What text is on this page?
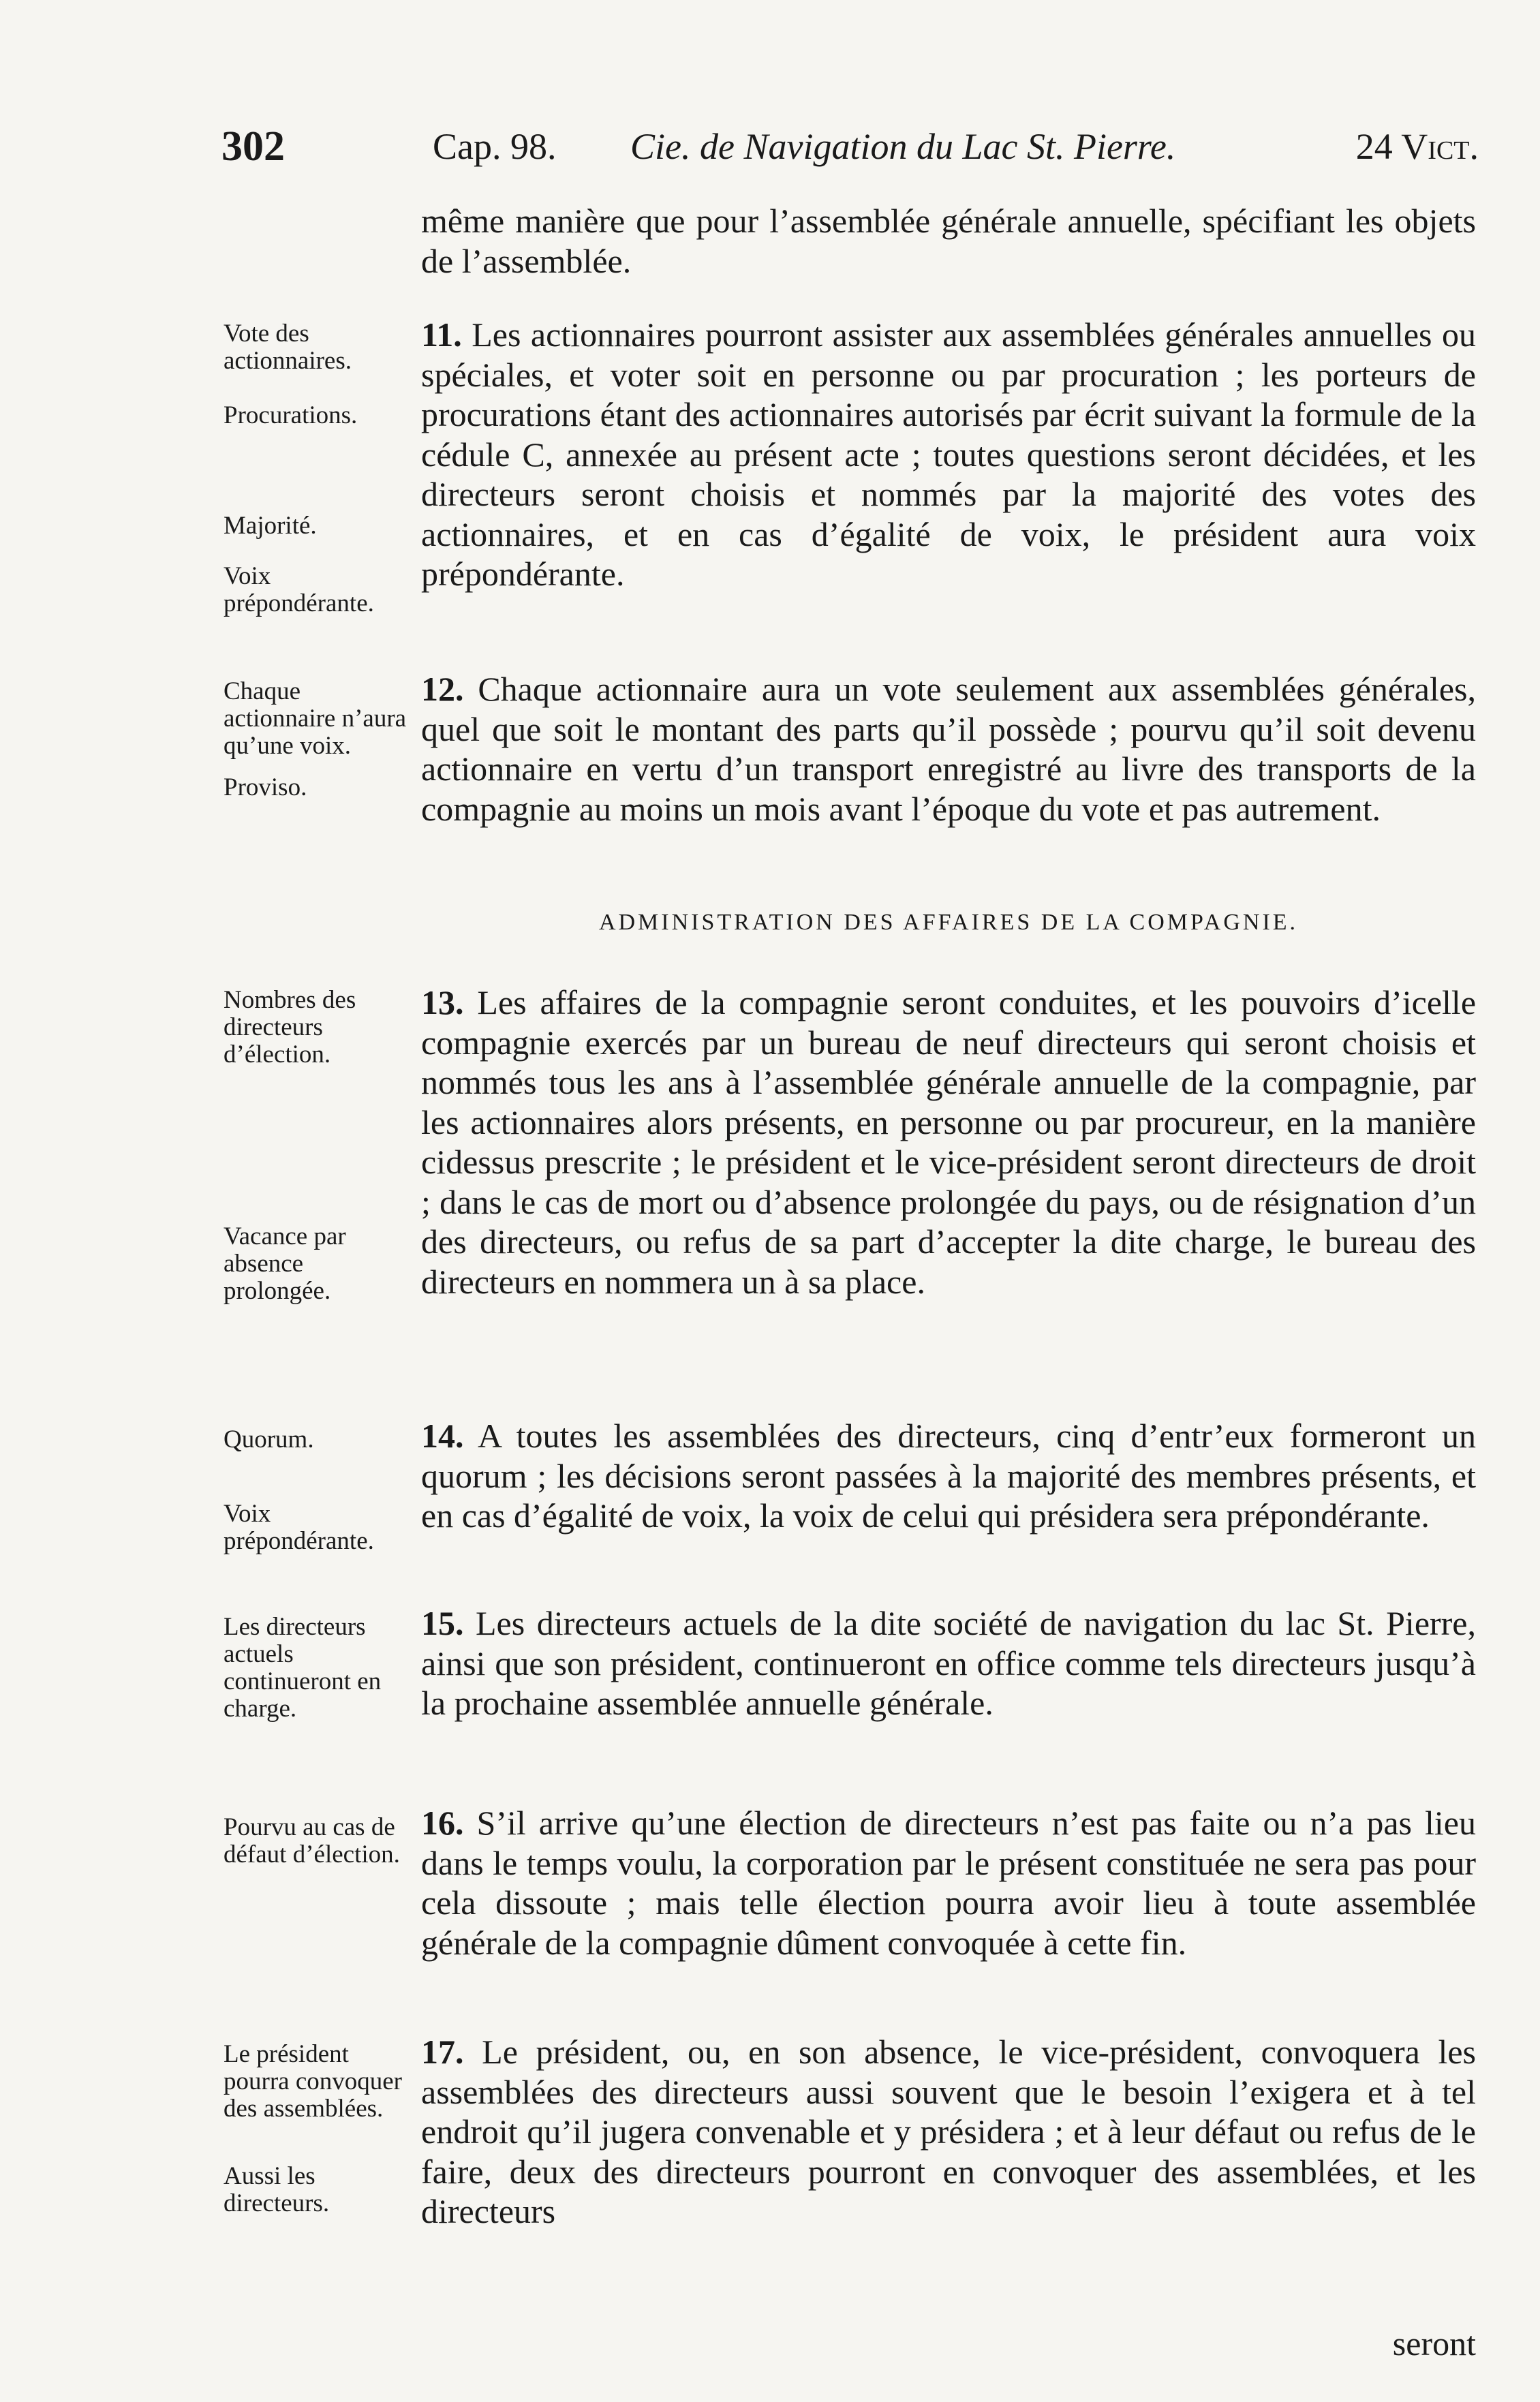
302	Cap. 98. Cie. de Navigation du Lac St. Pierre.	24 Vict.
même manière que pour l’assemblée générale annuelle, spécifiant les objets de l’assemblée.
Vote des actionnaires.
Procurations.
Majorité.
Voix prépondérante.
11. Les actionnaires pourront assister aux assemblées générales annuelles ou spéciales, et voter soit en personne ou par procuration ; les porteurs de procurations étant des actionnaires autorisés par écrit suivant la formule de la cédule C, annexée au présent acte ; toutes questions seront décidées, et les directeurs seront choisis et nommés par la majorité des votes des actionnaires, et en cas d’égalité de voix, le président aura voix prépondérante.
Chaque actionnaire n’aura qu’une voix.
Proviso.
12. Chaque actionnaire aura un vote seulement aux assemblées générales, quel que soit le montant des parts qu’il possède ; pourvu qu’il soit devenu actionnaire en vertu d’un transport enregistré au livre des transports de la compagnie au moins un mois avant l’époque du vote et pas autrement.
ADMINISTRATION DES AFFAIRES DE LA COMPAGNIE.
Nombres des directeurs d’élection.
Vacance par absence prolongée.
13. Les affaires de la compagnie seront conduites, et les pouvoirs d’icelle compagnie exercés par un bureau de neuf directeurs qui seront choisis et nommés tous les ans à l’assemblée générale annuelle de la compagnie, par les actionnaires alors présents, en personne ou par procureur, en la manière cidessus prescrite ; le président et le vice-président seront directeurs de droit ; dans le cas de mort ou d’absence prolongée du pays, ou de résignation d’un des directeurs, ou refus de sa part d’accepter la dite charge, le bureau des directeurs en nommera un à sa place.
Quorum.
Voix prépondérante.
14. A toutes les assemblées des directeurs, cinq d’entr’eux formeront un quorum ; les décisions seront passées à la majorité des membres présents, et en cas d’égalité de voix, la voix de celui qui présidera sera prépondérante.
Les directeurs actuels continueront en charge.
15. Les directeurs actuels de la dite société de navigation du lac St. Pierre, ainsi que son président, continueront en office comme tels directeurs jusqu’à la prochaine assemblée annuelle générale.
Pourvu au cas de défaut d’élection.
16. S’il arrive qu’une élection de directeurs n’est pas faite ou n’a pas lieu dans le temps voulu, la corporation par le présent constituée ne sera pas pour cela dissoute ; mais telle élection pourra avoir lieu à toute assemblée générale de la compagnie dûment convoquée à cette fin.
Le président pourra convoquer des assemblées.
Aussi les directeurs.
17. Le président, ou, en son absence, le vice-président, convoquera les assemblées des directeurs aussi souvent que le besoin l’exigera et à tel endroit qu’il jugera convenable et y présidera ; et à leur défaut ou refus de le faire, deux des directeurs pourront en convoquer des assemblées, et les directeurs
seront
